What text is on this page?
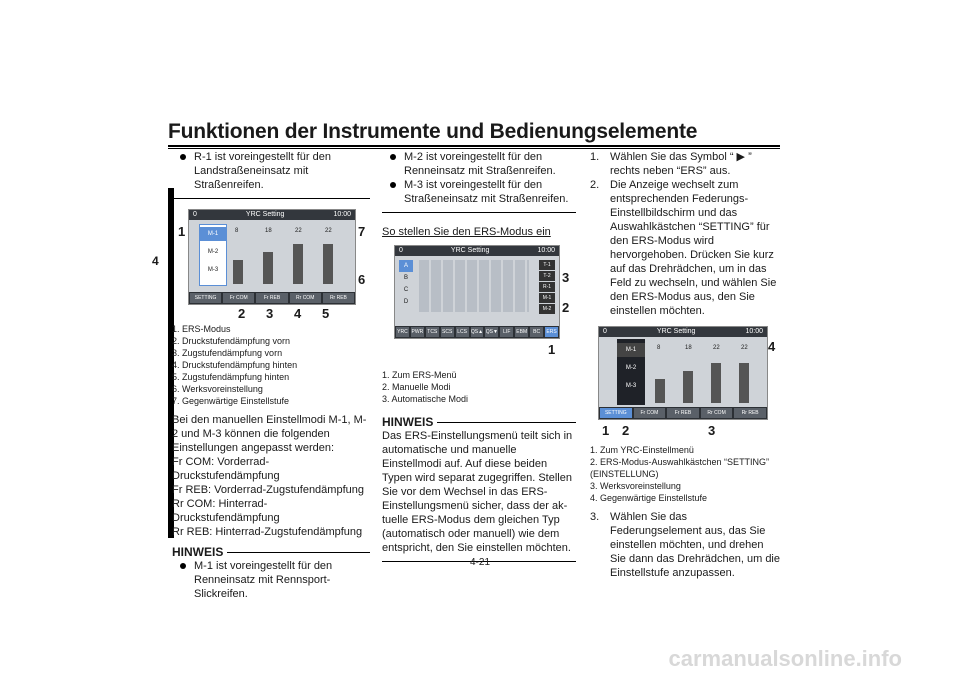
Funktionen der Instrumente und Bedienungselemente
4
R-1 ist voreingestellt für den Landstraßeneinsatz mit Straßenreifen.
0	YRC Setting	10:00
M-1
M-2
M-3
8	18	22	22
SETTING	Fr COM	Fr REB	Rr COM	Rr REB
1
2 3 4 5
6
7
1. ERS-Modus
2. Druckstufendämpfung vorn
3. Zugstufendämpfung vorn
4. Druckstufendämpfung hinten
5. Zugstufendämpfung hinten
6. Werksvoreinstellung
7. Gegenwärtige Einstellstufe
Bei den manuellen Einstellmodi M-1, M-2 und M-3 können die folgenden Einstellungen angepasst werden:
Fr COM: Vorderrad-Druckstufendämpfung
Fr REB: Vorderrad-Zugstufendämpfung
Rr COM: Hinterrad-Druckstufendämpfung
Rr REB: Hinterrad-Zugstufendämpfung
HINWEIS
M-1 ist voreingestellt für den Renneinsatz mit Rennsport-Slickreifen.
M-2 ist voreingestellt für den Renneinsatz mit Straßenreifen.
M-3 ist voreingestellt für den Straßeneinsatz mit Straßenreifen.
So stellen Sie den ERS-Modus ein
0	YRC Setting	10:00
A
B
C
D
T-1
T-2
R-1
M-1
M-2
YRC PWR TCS SCS LCS QS▲ QS▼	LIF	EBM	BC	ERS
3
2
1
1. Zum ERS-Menü
2. Manuelle Modi
3. Automatische Modi
HINWEIS
Das ERS-Einstellungsmenü teilt sich in automatische und manuelle Einstellmodi auf. Auf diese beiden Typen wird separat zugegriffen. Stellen Sie vor dem Wechsel in das ERS-Einstellungsmenü sicher, dass der aktuelle ERS-Modus dem gleichen Typ (automatisch oder manuell) wie dem entspricht, den Sie einstellen möchten.
1. Wählen Sie das Symbol “ ▶ ” rechts neben “ERS” aus.
2. Die Anzeige wechselt zum entsprechenden Federungs-Einstellbildschirm und das Auswahlkästchen “SETTING” für den ERS-Modus wird hervorgehoben. Drücken Sie kurz auf das Drehrädchen, um in das Feld zu wechseln, und wählen Sie den ERS-Modus aus, den Sie einstellen möchten.
0	YRC Setting	10:00
M-1
M-2
M-3
8	18	22	22
SETTING	Fr COM	Fr REB	Rr COM	Rr REB
1 2	3
4
1. Zum YRC-Einstellmenü
2. ERS-Modus-Auswahlkästchen “SETTING” (EINSTELLUNG)
3. Werksvoreinstellung
4. Gegenwärtige Einstellstufe
3. Wählen Sie das Federungselement aus, das Sie einstellen möchten, und drehen Sie dann das Drehrädchen, um die Einstellstufe anzupassen.
4-21
carmanualsonline.info
